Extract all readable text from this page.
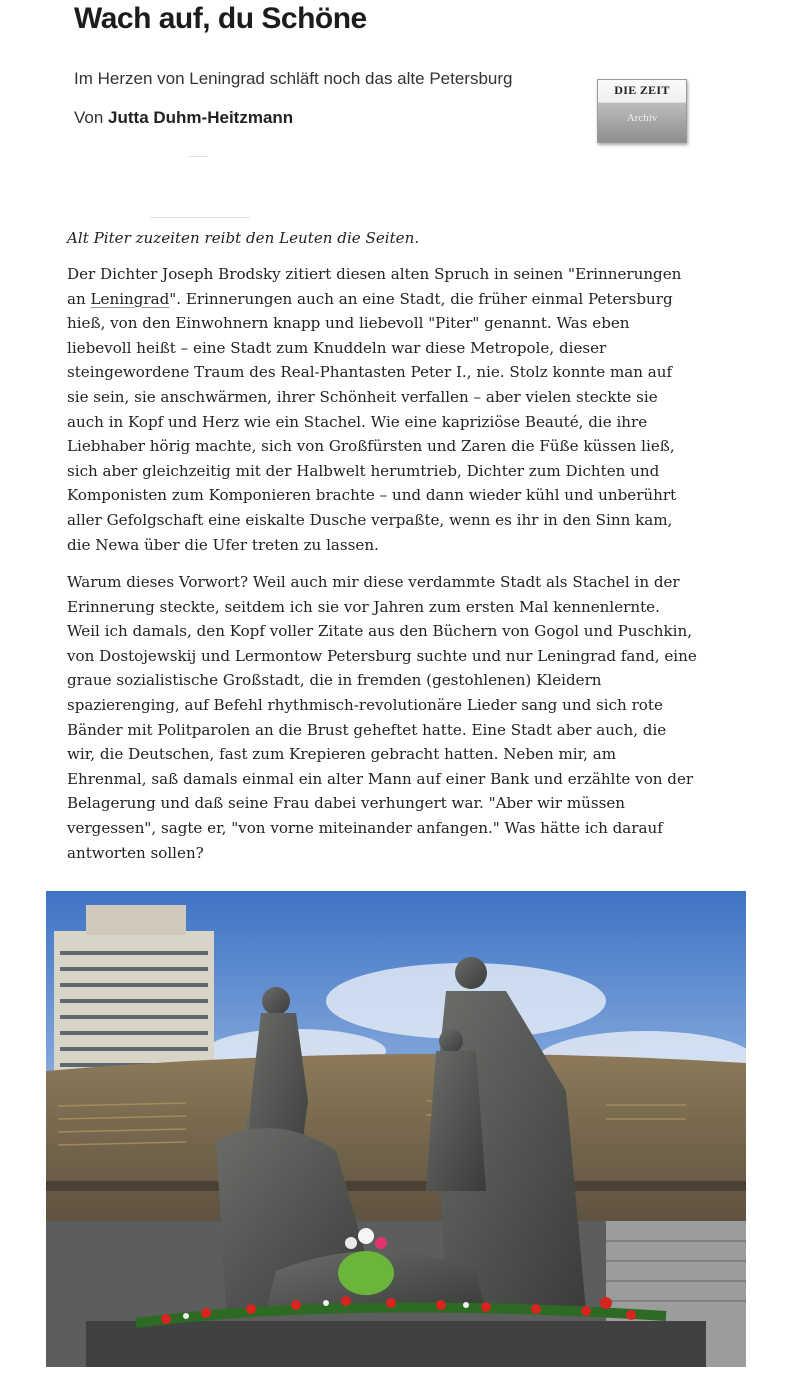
Wach auf, du Schöne

Im Herzen von Leningrad schläft noch das alte Petersburg

Von Jutta Duhm-Heitzmann

DIE ZEIT
Archiv

Alt Piter zuzeiten reibt den Leuten die Seiten.

Der Dichter Joseph Brodsky zitiert diesen alten Spruch in seinen "Erinnerungen an Leningrad". Erinnerungen auch an eine Stadt, die früher einmal Petersburg hieß, von den Einwohnern knapp und liebevoll "Piter" genannt. Was eben liebevoll heißt – eine Stadt zum Knuddeln war diese Metropole, dieser steingewordene Traum des Real-Phantasten Peter I., nie. Stolz konnte man auf sie sein, sie anschwärmen, ihrer Schönheit verfallen – aber vielen steckte sie auch in Kopf und Herz wie ein Stachel. Wie eine kapriziöse Beauté, die ihre Liebhaber hörig machte, sich von Großfürsten und Zaren die Füße küssen ließ, sich aber gleichzeitig mit der Halbwelt herumtrieb, Dichter zum Dichten und Komponisten zum Komponieren brachte – und dann wieder kühl und unberührt aller Gefolgschaft eine eiskalte Dusche verpaßte, wenn es ihr in den Sinn kam, die Newa über die Ufer treten zu lassen.

Warum dieses Vorwort? Weil auch mir diese verdammte Stadt als Stachel in der Erinnerung steckte, seitdem ich sie vor Jahren zum ersten Mal kennenlernte. Weil ich damals, den Kopf voller Zitate aus den Büchern von Gogol und Puschkin, von Dostojewskij und Lermontow Petersburg suchte und nur Leningrad fand, eine graue sozialistische Großstadt, die in fremden (gestohlenen) Kleidern spazierenging, auf Befehl rhythmisch-revolutionäre Lieder sang und sich rote Bänder mit Politparolen an die Brust geheftet hatte. Eine Stadt aber auch, die wir, die Deutschen, fast zum Krepieren gebracht hatten. Neben mir, am Ehrenmal, saß damals einmal ein alter Mann auf einer Bank und erzählte von der Belagerung und daß seine Frau dabei verhungert war. "Aber wir müssen vergessen", sagte er, "von vorne miteinander anfangen." Was hätte ich darauf antworten sollen?
